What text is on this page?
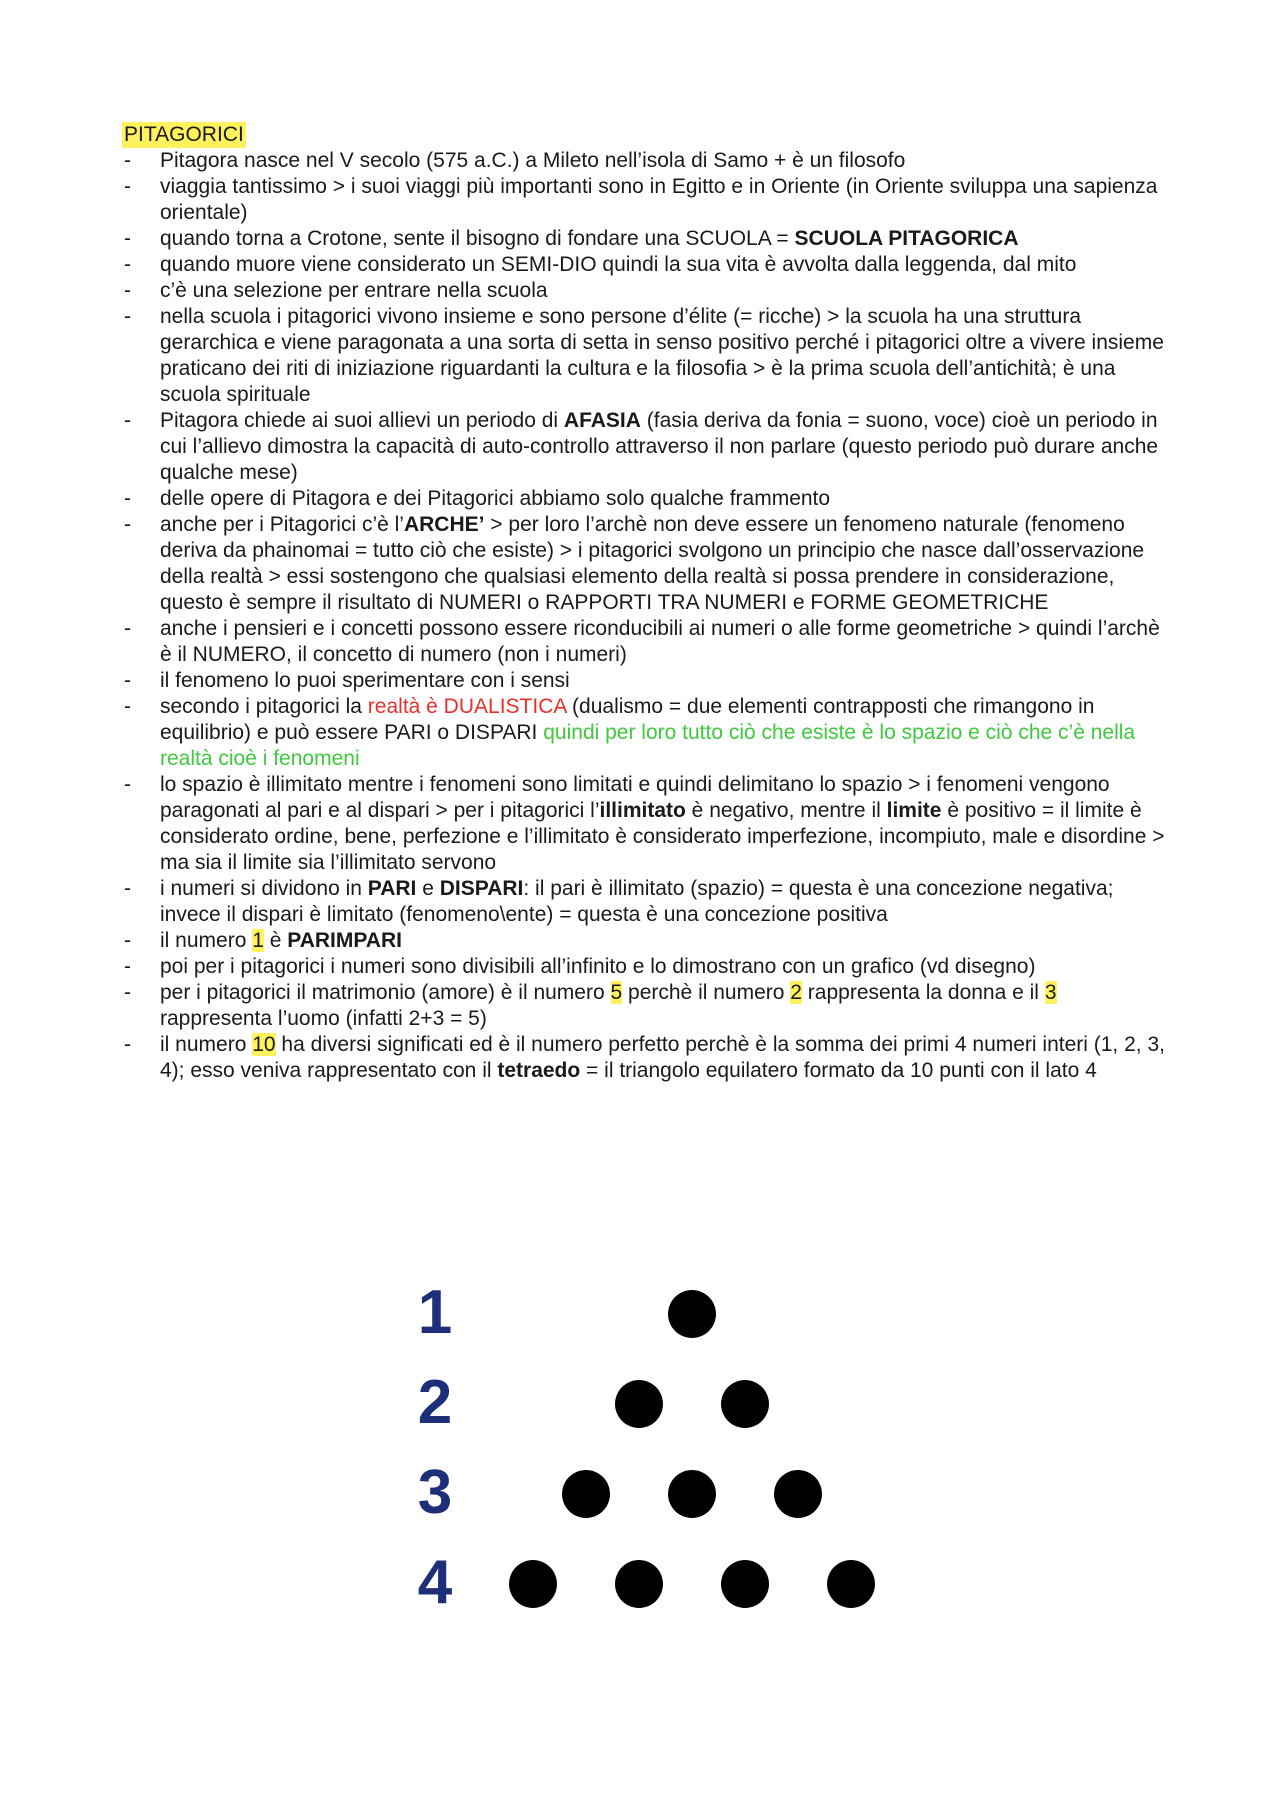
PITAGORICI
- Pitagora nasce nel V secolo (575 a.C.) a Mileto nell’isola di Samo + è un filosofo
- viaggia tantissimo > i suoi viaggi più importanti sono in Egitto e in Oriente (in Oriente sviluppa una sapienza orientale)
- quando torna a Crotone, sente il bisogno di fondare una SCUOLA = SCUOLA PITAGORICA
- quando muore viene considerato un SEMI-DIO quindi la sua vita è avvolta dalla leggenda, dal mito
- c’è una selezione per entrare nella scuola
- nella scuola i pitagorici vivono insieme e sono persone d’élite (= ricche) > la scuola ha una struttura gerarchica e viene paragonata a una sorta di setta in senso positivo perché i pitagorici oltre a vivere insieme praticano dei riti di iniziazione riguardanti la cultura e la filosofia > è la prima scuola dell’antichità; è una scuola spirituale
- Pitagora chiede ai suoi allievi un periodo di AFASIA (fasia deriva da fonia = suono, voce) cioè un periodo in cui l’allievo dimostra la capacità di auto-controllo attraverso il non parlare (questo periodo può durare anche qualche mese)
- delle opere di Pitagora e dei Pitagorici abbiamo solo qualche frammento
- anche per i Pitagorici c’è l’ARCHE’ > per loro l’archè non deve essere un fenomeno naturale (fenomeno deriva da phainomai = tutto ciò che esiste) > i pitagorici svolgono un principio che nasce dall’osservazione della realtà > essi sostengono che qualsiasi elemento della realtà si possa prendere in considerazione, questo è sempre il risultato di NUMERI o RAPPORTI TRA NUMERI e FORME GEOMETRICHE
- anche i pensieri e i concetti possono essere riconducibili ai numeri o alle forme geometriche > quindi l’archè è il NUMERO, il concetto di numero (non i numeri)
- il fenomeno lo puoi sperimentare con i sensi
- secondo i pitagorici la realtà è DUALISTICA (dualismo = due elementi contrapposti che rimangono in equilibrio) e può essere PARI o DISPARI quindi per loro tutto ciò che esiste è lo spazio e ciò che c’è nella realtà cioè i fenomeni
- lo spazio è illimitato mentre i fenomeni sono limitati e quindi delimitano lo spazio > i fenomeni vengono paragonati al pari e al dispari > per i pitagorici l’illimitato è negativo, mentre il limite è positivo = il limite è considerato ordine, bene, perfezione e l’illimitato è considerato imperfezione, incompiuto, male e disordine > ma sia il limite sia l’illimitato servono
- i numeri si dividono in PARI e DISPARI: il pari è illimitato (spazio) = questa è una concezione negativa; invece il dispari è limitato (fenomeno\ente) = questa è una concezione positiva
- il numero 1 è PARIMPARI
- poi per i pitagorici i numeri sono divisibili all’infinito e lo dimostrano con un grafico (vd disegno)
- per i pitagorici il matrimonio (amore) è il numero 5 perchè il numero 2 rappresenta la donna e il 3 rappresenta l’uomo (infatti 2+3 = 5)
- il numero 10 ha diversi significati ed è il numero perfetto perchè è la somma dei primi 4 numeri interi (1, 2, 3, 4); esso veniva rappresentato con il tetraedo = il triangolo equilatero formato da 10 punti con il lato 4
1
2
3
4
